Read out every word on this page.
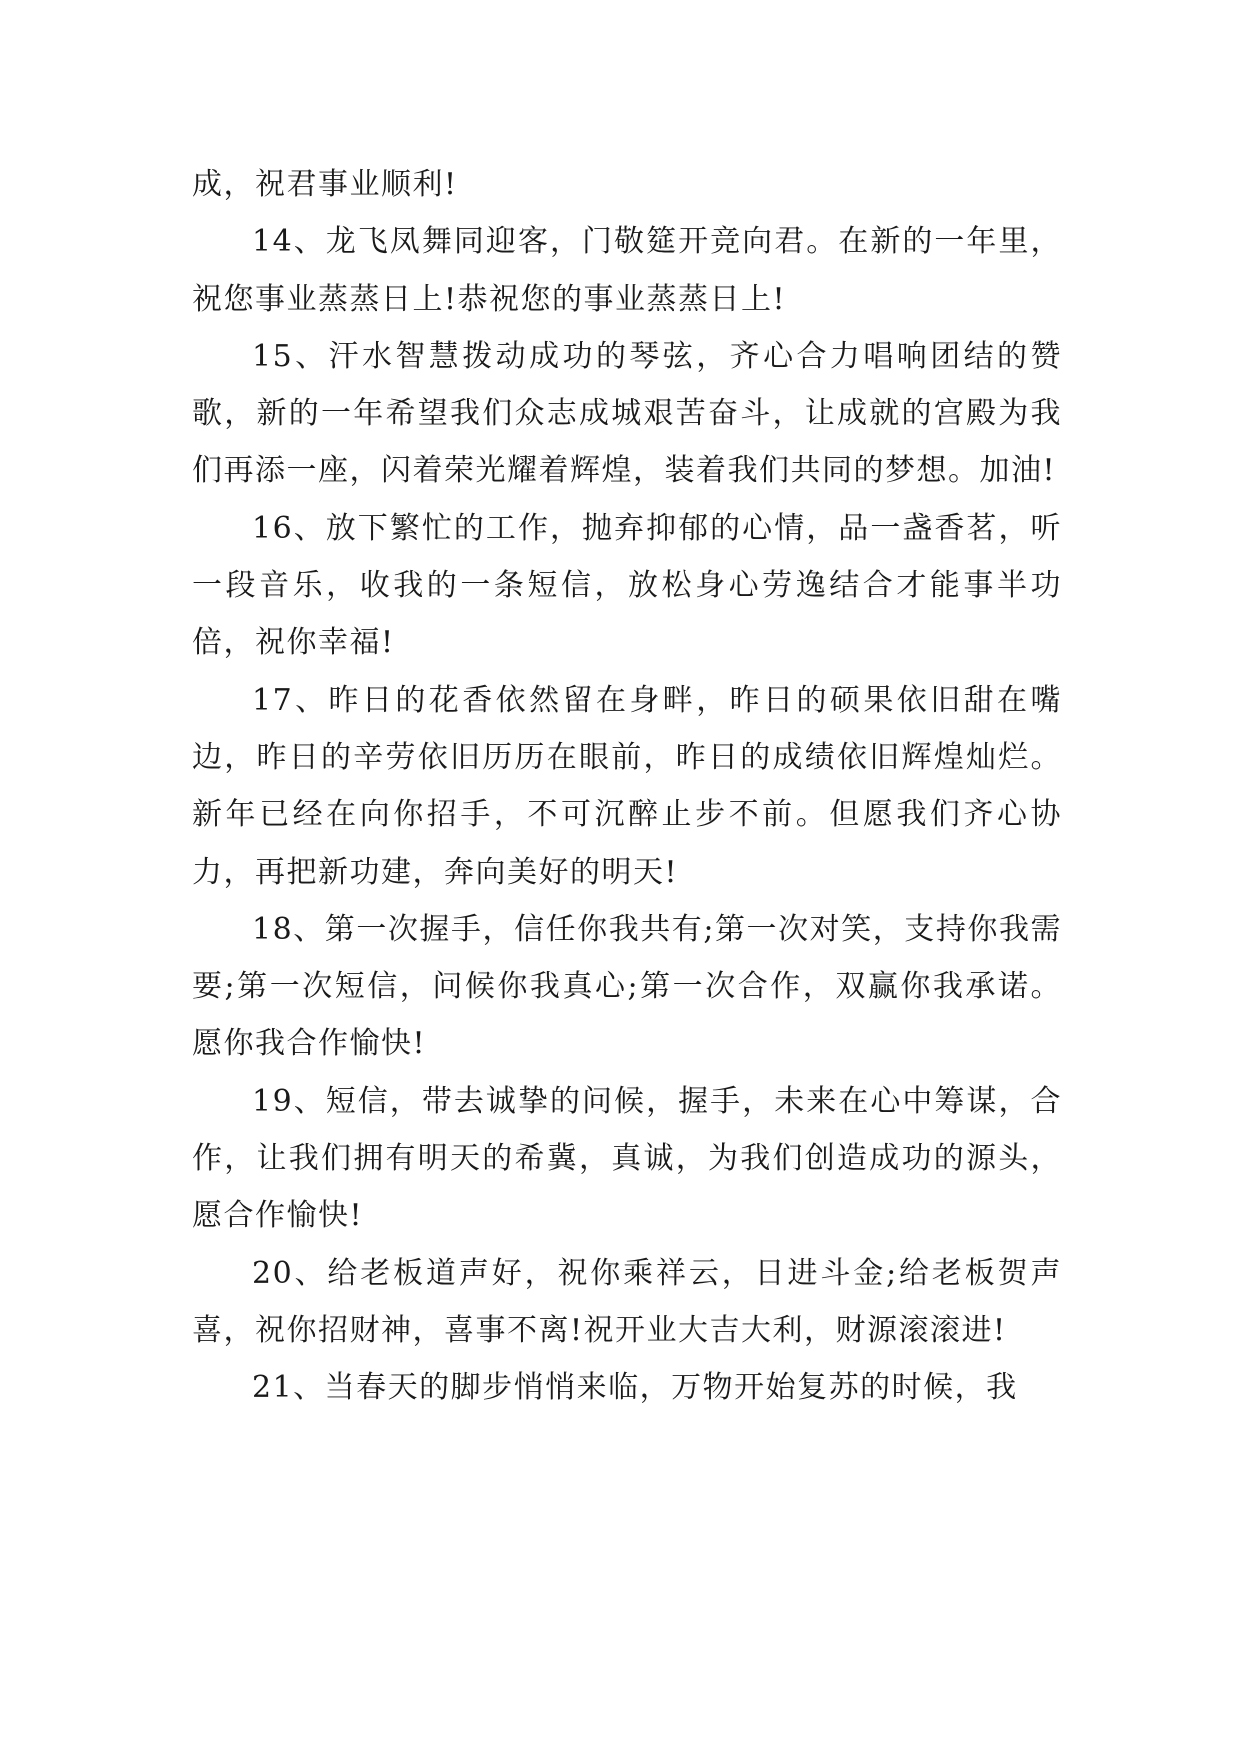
成，祝君事业顺利!

14、龙飞凤舞同迎客，门敬筵开竞向君。在新的一年里，祝您事业蒸蒸日上!恭祝您的事业蒸蒸日上!

15、汗水智慧拨动成功的琴弦，齐心合力唱响团结的赞歌，新的一年希望我们众志成城艰苦奋斗，让成就的宫殿为我们再添一座，闪着荣光耀着辉煌，装着我们共同的梦想。加油!

16、放下繁忙的工作，抛弃抑郁的心情，品一盏香茗，听一段音乐，收我的一条短信，放松身心劳逸结合才能事半功倍，祝你幸福!

17、昨日的花香依然留在身畔，昨日的硕果依旧甜在嘴边，昨日的辛劳依旧历历在眼前，昨日的成绩依旧辉煌灿烂。新年已经在向你招手，不可沉醉止步不前。但愿我们齐心协力，再把新功建，奔向美好的明天!

18、第一次握手，信任你我共有;第一次对笑，支持你我需要;第一次短信，问候你我真心;第一次合作，双赢你我承诺。愿你我合作愉快!

19、短信，带去诚挚的问候，握手，未来在心中筹谋，合作，让我们拥有明天的希冀，真诚，为我们创造成功的源头，愿合作愉快!

20、给老板道声好，祝你乘祥云，日进斗金;给老板贺声喜，祝你招财神，喜事不离!祝开业大吉大利，财源滚滚进!

21、当春天的脚步悄悄来临，万物开始复苏的时候，我
